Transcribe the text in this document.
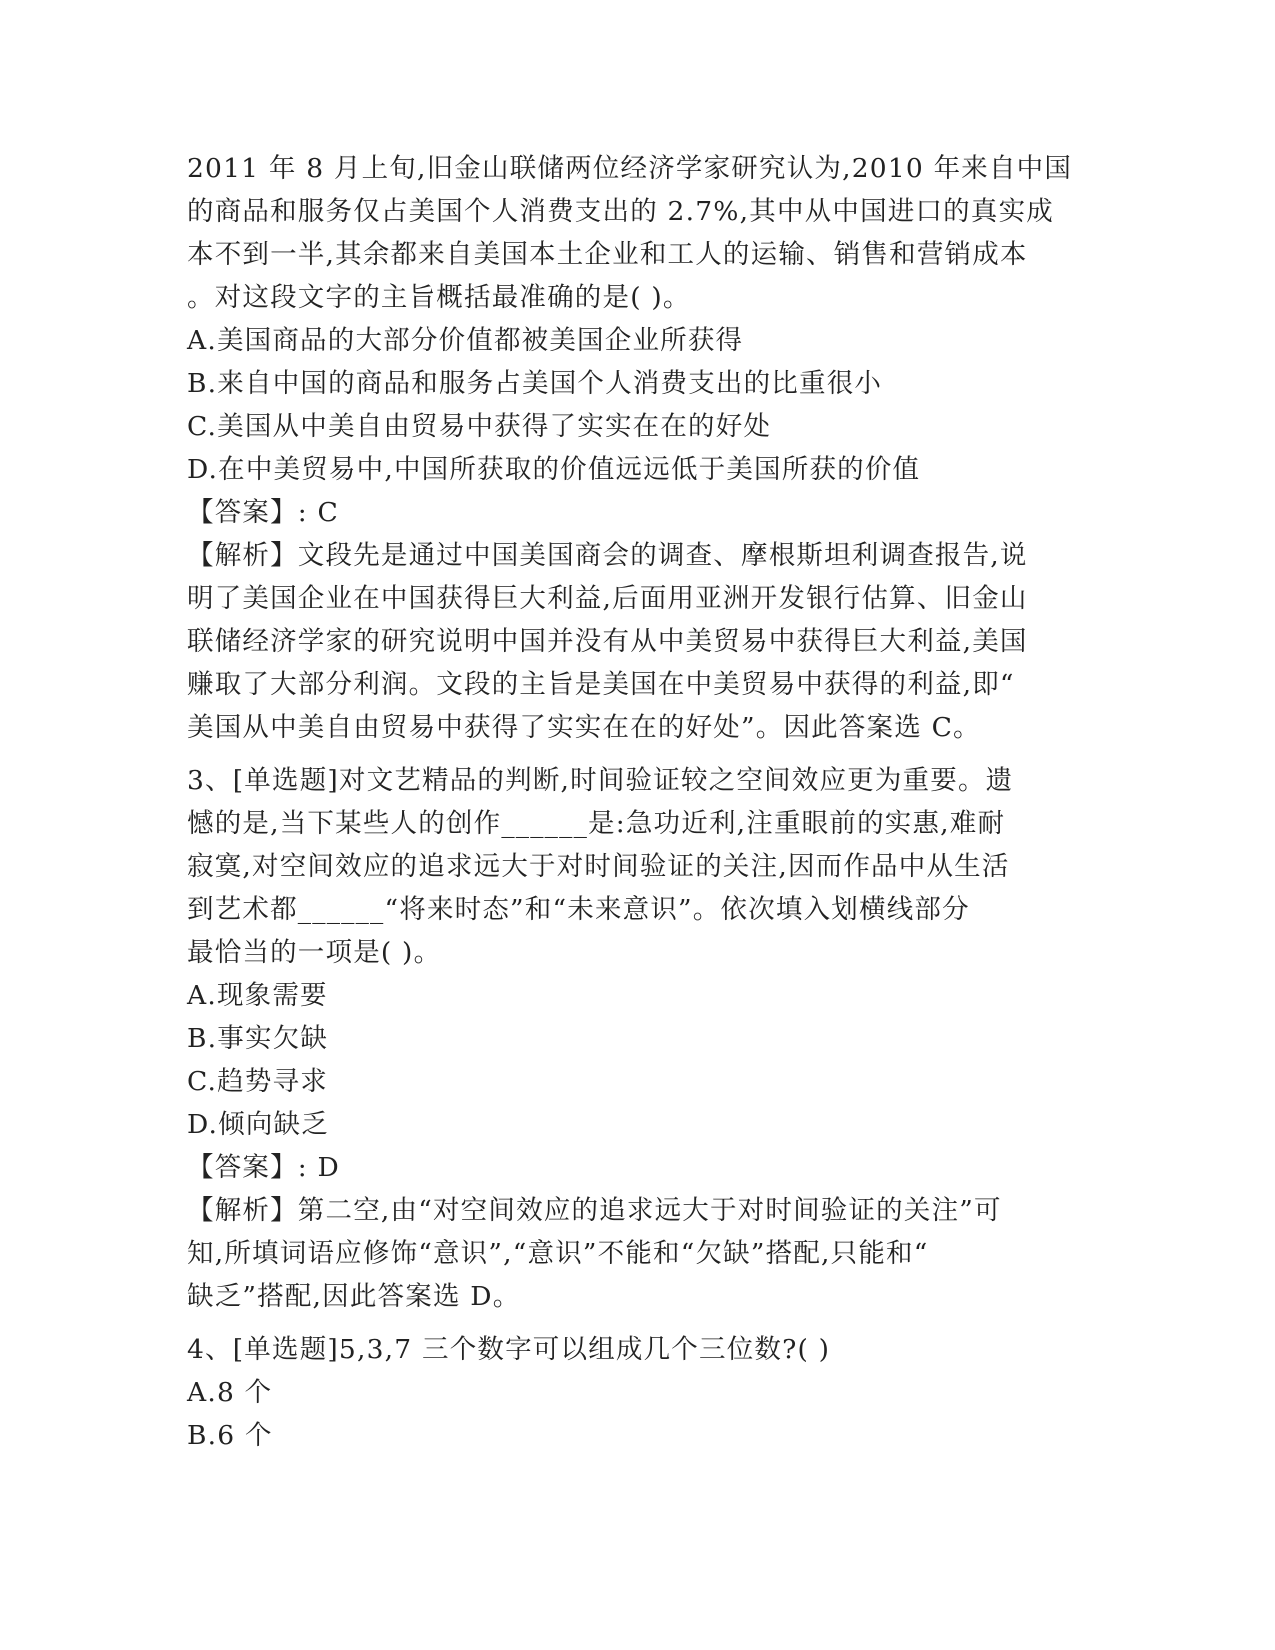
2011 年 8 月上旬,旧金山联储两位经济学家研究认为,2010 年来自中国
的商品和服务仅占美国个人消费支出的 2.7%,其中从中国进口的真实成
本不到一半,其余都来自美国本土企业和工人的运输、销售和营销成本
。对这段文字的主旨概括最准确的是( )。
A.美国商品的大部分价值都被美国企业所获得
B.来自中国的商品和服务占美国个人消费支出的比重很小
C.美国从中美自由贸易中获得了实实在在的好处
D.在中美贸易中,中国所获取的价值远远低于美国所获的价值
【答案】: C
【解析】文段先是通过中国美国商会的调查、摩根斯坦利调查报告,说
明了美国企业在中国获得巨大利益,后面用亚洲开发银行估算、旧金山
联储经济学家的研究说明中国并没有从中美贸易中获得巨大利益,美国
赚取了大部分利润。文段的主旨是美国在中美贸易中获得的利益,即“
美国从中美自由贸易中获得了实实在在的好处”。因此答案选 C。
3、[单选题]对文艺精品的判断,时间验证较之空间效应更为重要。遗
憾的是,当下某些人的创作______是:急功近利,注重眼前的实惠,难耐
寂寞,对空间效应的追求远大于对时间验证的关注,因而作品中从生活
到艺术都______“将来时态”和“未来意识”。依次填入划横线部分
最恰当的一项是( )。
A.现象需要
B.事实欠缺
C.趋势寻求
D.倾向缺乏
【答案】: D
【解析】第二空,由“对空间效应的追求远大于对时间验证的关注”可
知,所填词语应修饰“意识”,“意识”不能和“欠缺”搭配,只能和“
缺乏”搭配,因此答案选 D。
4、[单选题]5,3,7 三个数字可以组成几个三位数?( )
A.8 个
B.6 个
